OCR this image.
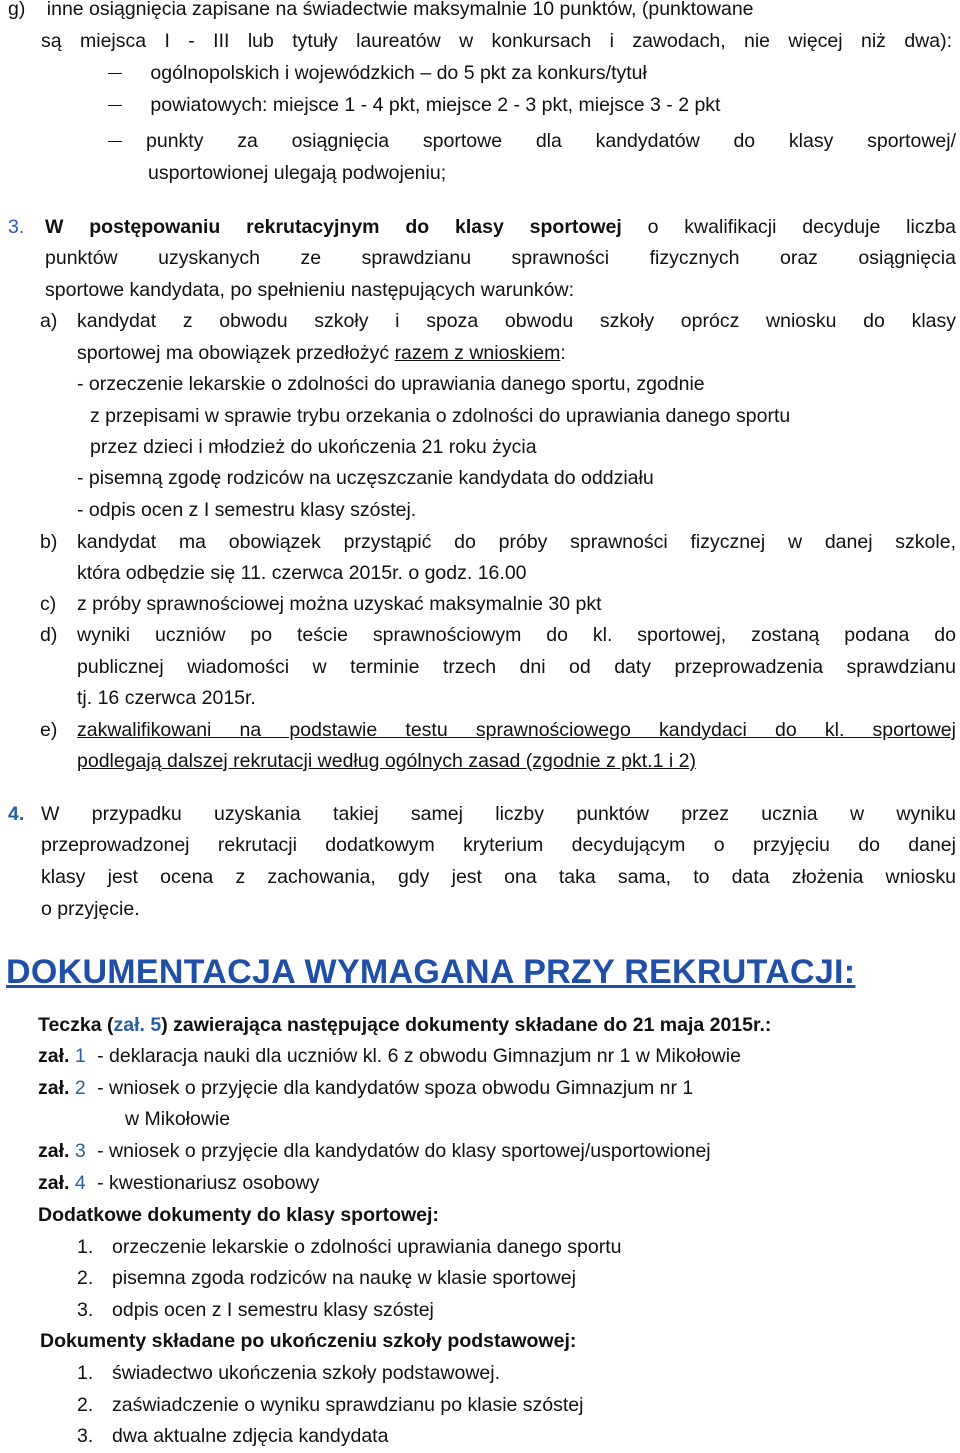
g) inne osiągnięcia zapisane na świadectwie maksymalnie 10 punktów, (punktowane
są miejsca I - III lub tytuły laureatów w konkursach i zawodach, nie więcej niż dwa):
ogólnopolskich i wojewódzkich – do 5 pkt za konkurs/tytuł
powiatowych: miejsce 1 - 4 pkt, miejsce 2 - 3 pkt, miejsce 3 - 2 pkt
punkty za osiągnięcia sportowe dla kandydatów do klasy sportowej/
usportowionej ulegają podwojeniu;
3. W postępowaniu rekrutacyjnym do klasy sportowej o kwalifikacji decyduje liczba
punktów uzyskanych ze sprawdzianu sprawności fizycznych oraz osiągnięcia
sportowe kandydata, po spełnieniu następujących warunków:
a) kandydat z obwodu szkoły i spoza obwodu szkoły oprócz wniosku do klasy
sportowej ma obowiązek przedłożyć razem z wnioskiem:
- orzeczenie lekarskie o zdolności do uprawiania danego sportu, zgodnie
z przepisami w sprawie trybu orzekania o zdolności do uprawiania danego sportu
przez dzieci i młodzież do ukończenia 21 roku życia
- pisemną zgodę rodziców na uczęszczanie kandydata do oddziału
- odpis ocen z I semestru klasy szóstej.
b) kandydat ma obowiązek przystąpić do próby sprawności fizycznej w danej szkole,
która odbędzie się 11. czerwca 2015r. o godz. 16.00
c) z próby sprawnościowej można uzyskać maksymalnie 30 pkt
d) wyniki uczniów po teście sprawnościowym do kl. sportowej, zostaną podana do
publicznej wiadomości w terminie trzech dni od daty przeprowadzenia sprawdzianu
tj. 16 czerwca 2015r.
e) zakwalifikowani na podstawie testu sprawnościowego kandydaci do kl. sportowej
podlegają dalszej rekrutacji według ogólnych zasad (zgodnie z pkt.1 i 2)
4. W przypadku uzyskania takiej samej liczby punktów przez ucznia w wyniku
przeprowadzonej rekrutacji dodatkowym kryterium decydującym o przyjęciu do danej
klasy jest ocena z zachowania, gdy jest ona taka sama, to data złożenia wniosku
o przyjęcie.
DOKUMENTACJA WYMAGANA PRZY REKRUTACJI:
Teczka (zał. 5) zawierająca następujące dokumenty składane do 21 maja 2015r.:
zał. 1 - deklaracja nauki dla uczniów kl. 6 z obwodu Gimnazjum nr 1 w Mikołowie
zał. 2 - wniosek o przyjęcie dla kandydatów spoza obwodu Gimnazjum nr 1
w Mikołowie
zał. 3 - wniosek o przyjęcie dla kandydatów do klasy sportowej/usportowionej
zał. 4 - kwestionariusz osobowy
Dodatkowe dokumenty do klasy sportowej:
1. orzeczenie lekarskie o zdolności uprawiania danego sportu
2. pisemna zgoda rodziców na naukę w klasie sportowej
3. odpis ocen z I semestru klasy szóstej
Dokumenty składane po ukończeniu szkoły podstawowej:
1. świadectwo ukończenia szkoły podstawowej.
2. zaświadczenie o wyniku sprawdzianu po klasie szóstej
3. dwa aktualne zdjęcia kandydata
